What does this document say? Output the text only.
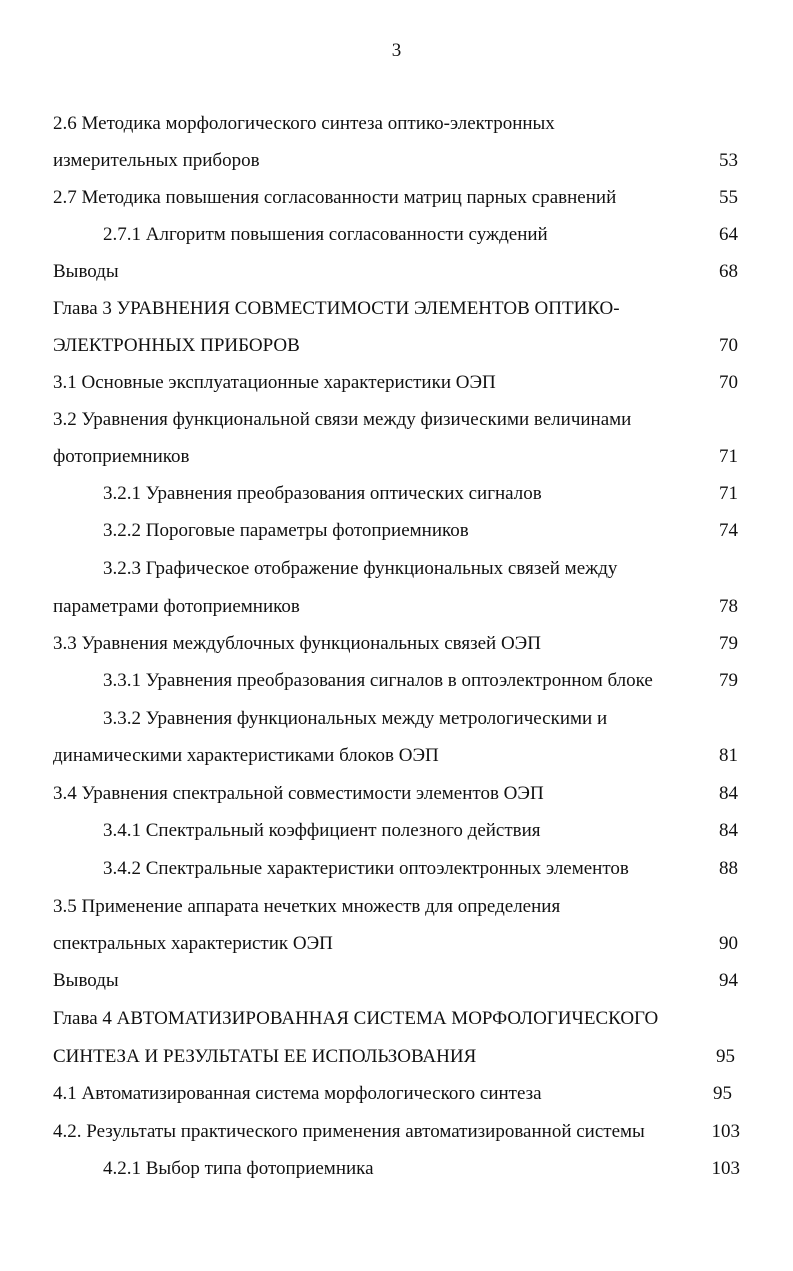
3
2.6 Методика морфологического синтеза оптико-электронных
измерительных приборов	53
2.7 Методика повышения согласованности матриц парных сравнений	55
2.7.1 Алгоритм повышения согласованности суждений	64
Выводы	68
Глава 3 УРАВНЕНИЯ СОВМЕСТИМОСТИ ЭЛЕМЕНТОВ ОПТИКО-
ЭЛЕКТРОННЫХ ПРИБОРОВ	70
3.1 Основные эксплуатационные характеристики ОЭП	70
3.2 Уравнения функциональной связи между физическими величинами
фотоприемников	71
3.2.1 Уравнения преобразования оптических сигналов	71
3.2.2 Пороговые параметры фотоприемников	74
3.2.3 Графическое отображение функциональных связей между
параметрами фотоприемников	78
3.3 Уравнения междублочных функциональных связей ОЭП	79
3.3.1 Уравнения преобразования сигналов в оптоэлектронном блоке	79
3.3.2 Уравнения функциональных между метрологическими и
динамическими характеристиками блоков ОЭП	81
3.4 Уравнения спектральной совместимости элементов ОЭП	84
3.4.1 Спектральный коэффициент полезного действия	84
3.4.2 Спектральные характеристики оптоэлектронных элементов	88
3.5 Применение аппарата нечетких множеств для определения
спектральных характеристик ОЭП	90
Выводы	94
Глава 4 АВТОМАТИЗИРОВАННАЯ СИСТЕМА МОРФОЛОГИЧЕСКОГО
СИНТЕЗА И РЕЗУЛЬТАТЫ ЕЕ ИСПОЛЬЗОВАНИЯ	95
4.1 Автоматизированная система морфологического синтеза	95
4.2. Результаты практического применения автоматизированной системы	103
4.2.1 Выбор типа фотоприемника	103
